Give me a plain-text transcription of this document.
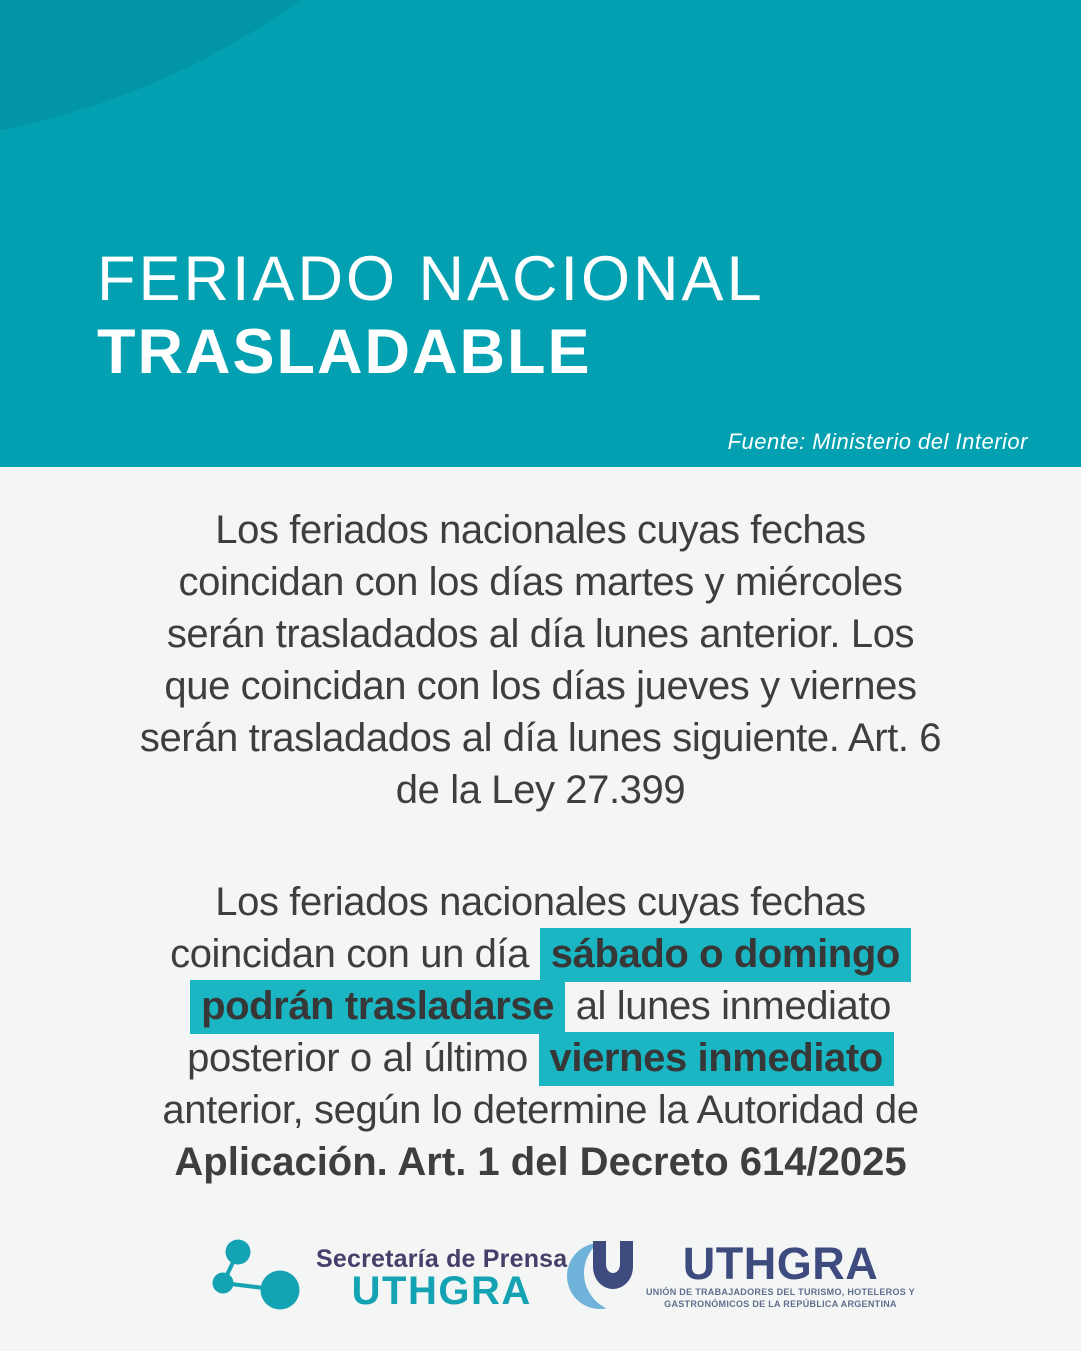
FERIADO NACIONAL
TRASLADABLE
Fuente: Ministerio del Interior
Los feriados nacionales cuyas fechas
coincidan con los días martes y miércoles
serán trasladados al día lunes anterior. Los
que coincidan con los días jueves y viernes
serán trasladados al día lunes siguiente. Art. 6
de la Ley 27.399
Los feriados nacionales cuyas fechas
coincidan con un día sábado o domingo
podrán trasladarse al lunes inmediato
posterior o al último viernes inmediato
anterior, según lo determine la Autoridad de
Aplicación. Art. 1 del Decreto 614/2025
Secretaría de Prensa
UTHGRA
UTHGRA
UNIÓN DE TRABAJADORES DEL TURISMO, HOTELEROS Y
GASTRONÓMICOS DE LA REPÚBLICA ARGENTINA
